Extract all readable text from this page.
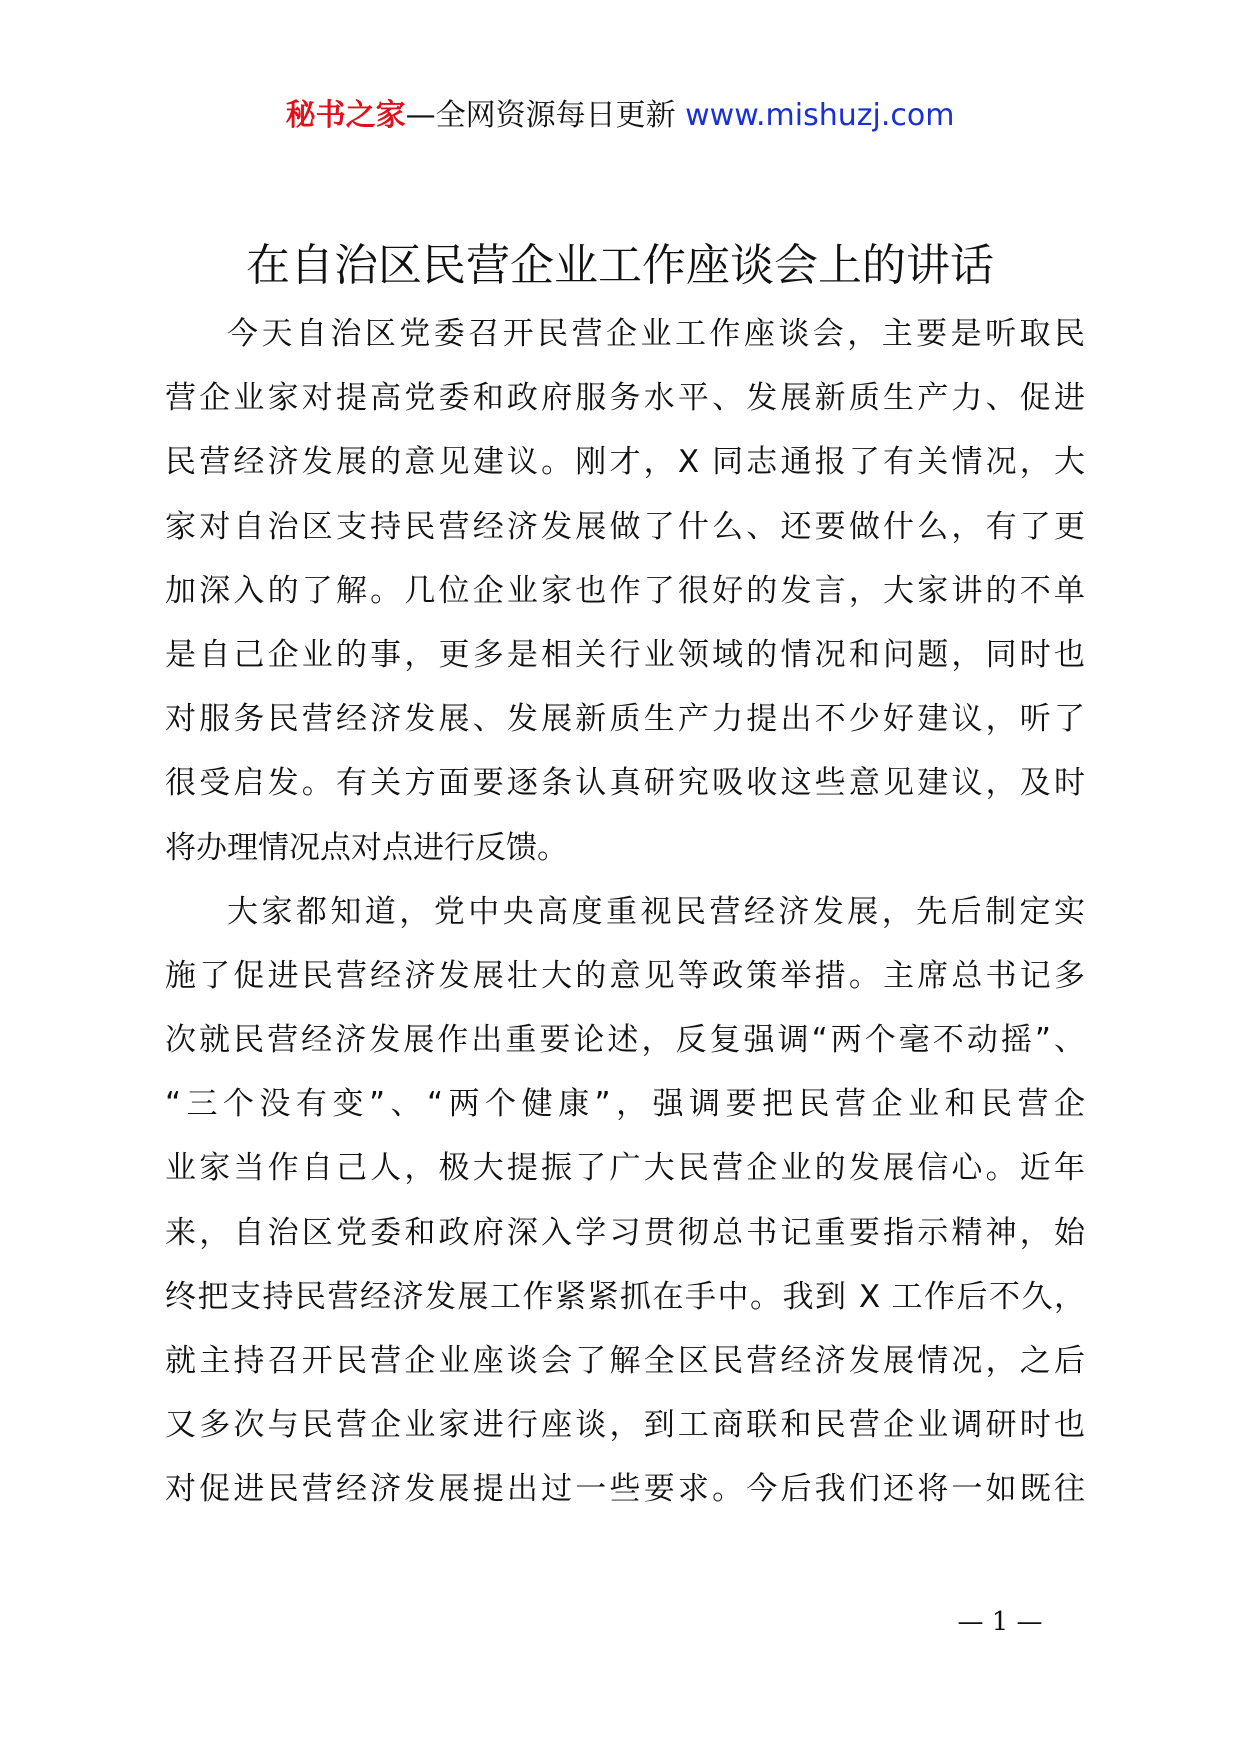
秘书之家—全网资源每日更新 www.mishuzj.com
在自治区民营企业工作座谈会上的讲话

今天自治区党委召开民营企业工作座谈会，主要是听取民
营企业家对提高党委和政府服务水平、发展新质生产力、促进
民营经济发展的意见建议。刚才，X 同志通报了有关情况，大
家对自治区支持民营经济发展做了什么、还要做什么，有了更
加深入的了解。几位企业家也作了很好的发言，大家讲的不单
是自己企业的事，更多是相关行业领域的情况和问题，同时也
对服务民营经济发展、发展新质生产力提出不少好建议，听了
很受启发。有关方面要逐条认真研究吸收这些意见建议，及时
将办理情况点对点进行反馈。

大家都知道，党中央高度重视民营经济发展，先后制定实
施了促进民营经济发展壮大的意见等政策举措。主席总书记多
次就民营经济发展作出重要论述，反复强调“两个毫不动摇”、
“三个没有变”、“两个健康”，强调要把民营企业和民营企
业家当作自己人，极大提振了广大民营企业的发展信心。近年
来，自治区党委和政府深入学习贯彻总书记重要指示精神，始
终把支持民营经济发展工作紧紧抓在手中。我到 X 工作后不久，
就主持召开民营企业座谈会了解全区民营经济发展情况，之后
又多次与民营企业家进行座谈，到工商联和民营企业调研时也
对促进民营经济发展提出过一些要求。今后我们还将一如既往

— 1 —
